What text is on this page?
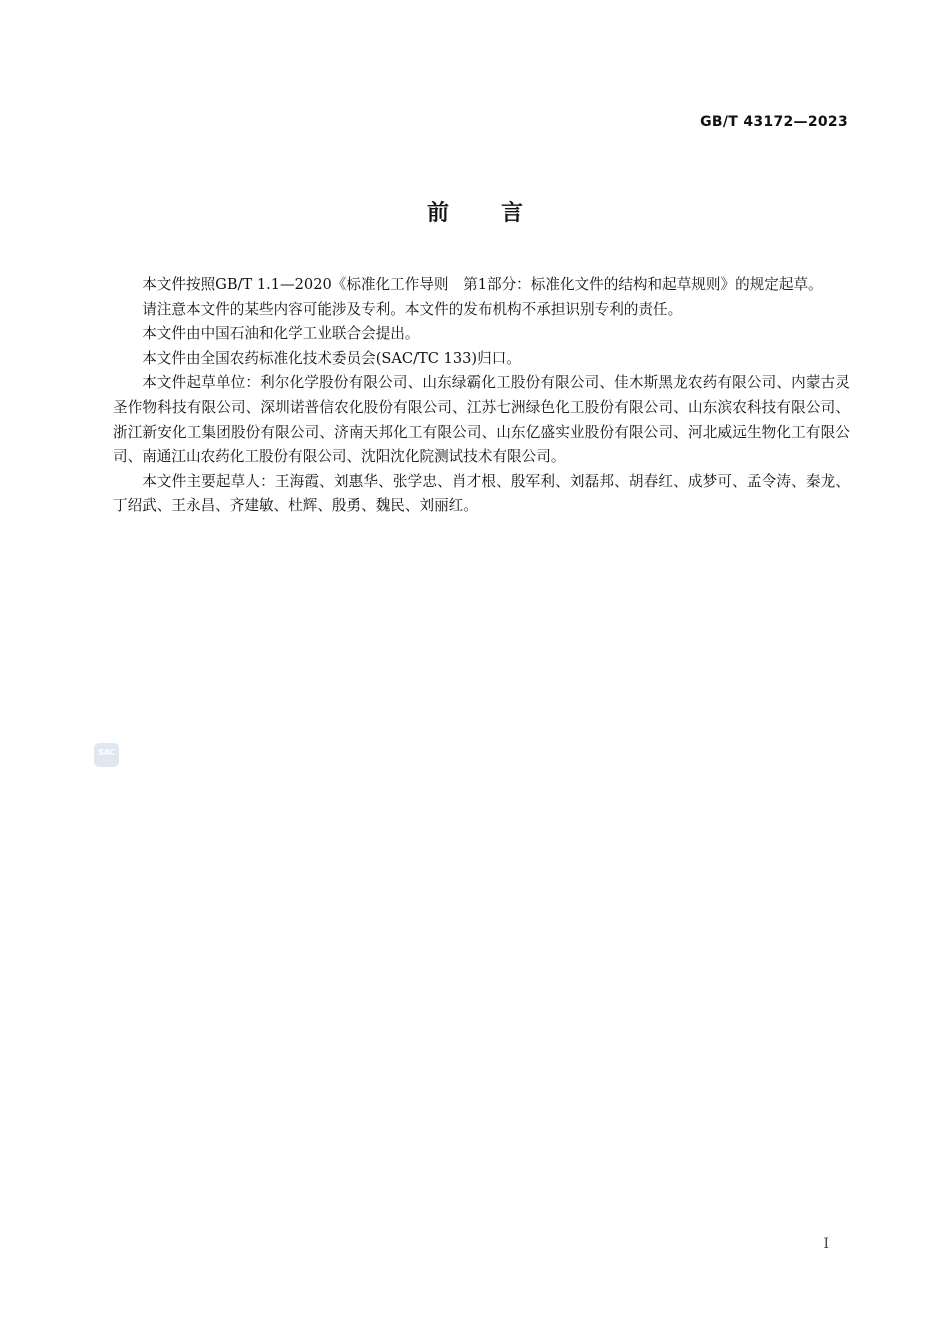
GB/T 43172—2023
前言

本文件按照GB/T 1.1—2020《标准化工作导则　第1部分：标准化文件的结构和起草规则》的规定起草。

请注意本文件的某些内容可能涉及专利。本文件的发布机构不承担识别专利的责任。

本文件由中国石油和化学工业联合会提出。

本文件由全国农药标准化技术委员会(SAC/TC 133)归口。

本文件起草单位：利尔化学股份有限公司、山东绿霸化工股份有限公司、佳木斯黑龙农药有限公司、内蒙古灵圣作物科技有限公司、深圳诺普信农化股份有限公司、江苏七洲绿色化工股份有限公司、山东滨农科技有限公司、浙江新安化工集团股份有限公司、济南天邦化工有限公司、山东亿盛实业股份有限公司、河北威远生物化工有限公司、南通江山农药化工股份有限公司、沈阳沈化院测试技术有限公司。

本文件主要起草人：王海霞、刘惠华、张学忠、肖才根、殷军利、刘磊邦、胡春红、成梦可、孟令涛、秦龙、丁绍武、王永昌、齐建敏、杜辉、殷勇、魏民、刘丽红。

SAC
I
